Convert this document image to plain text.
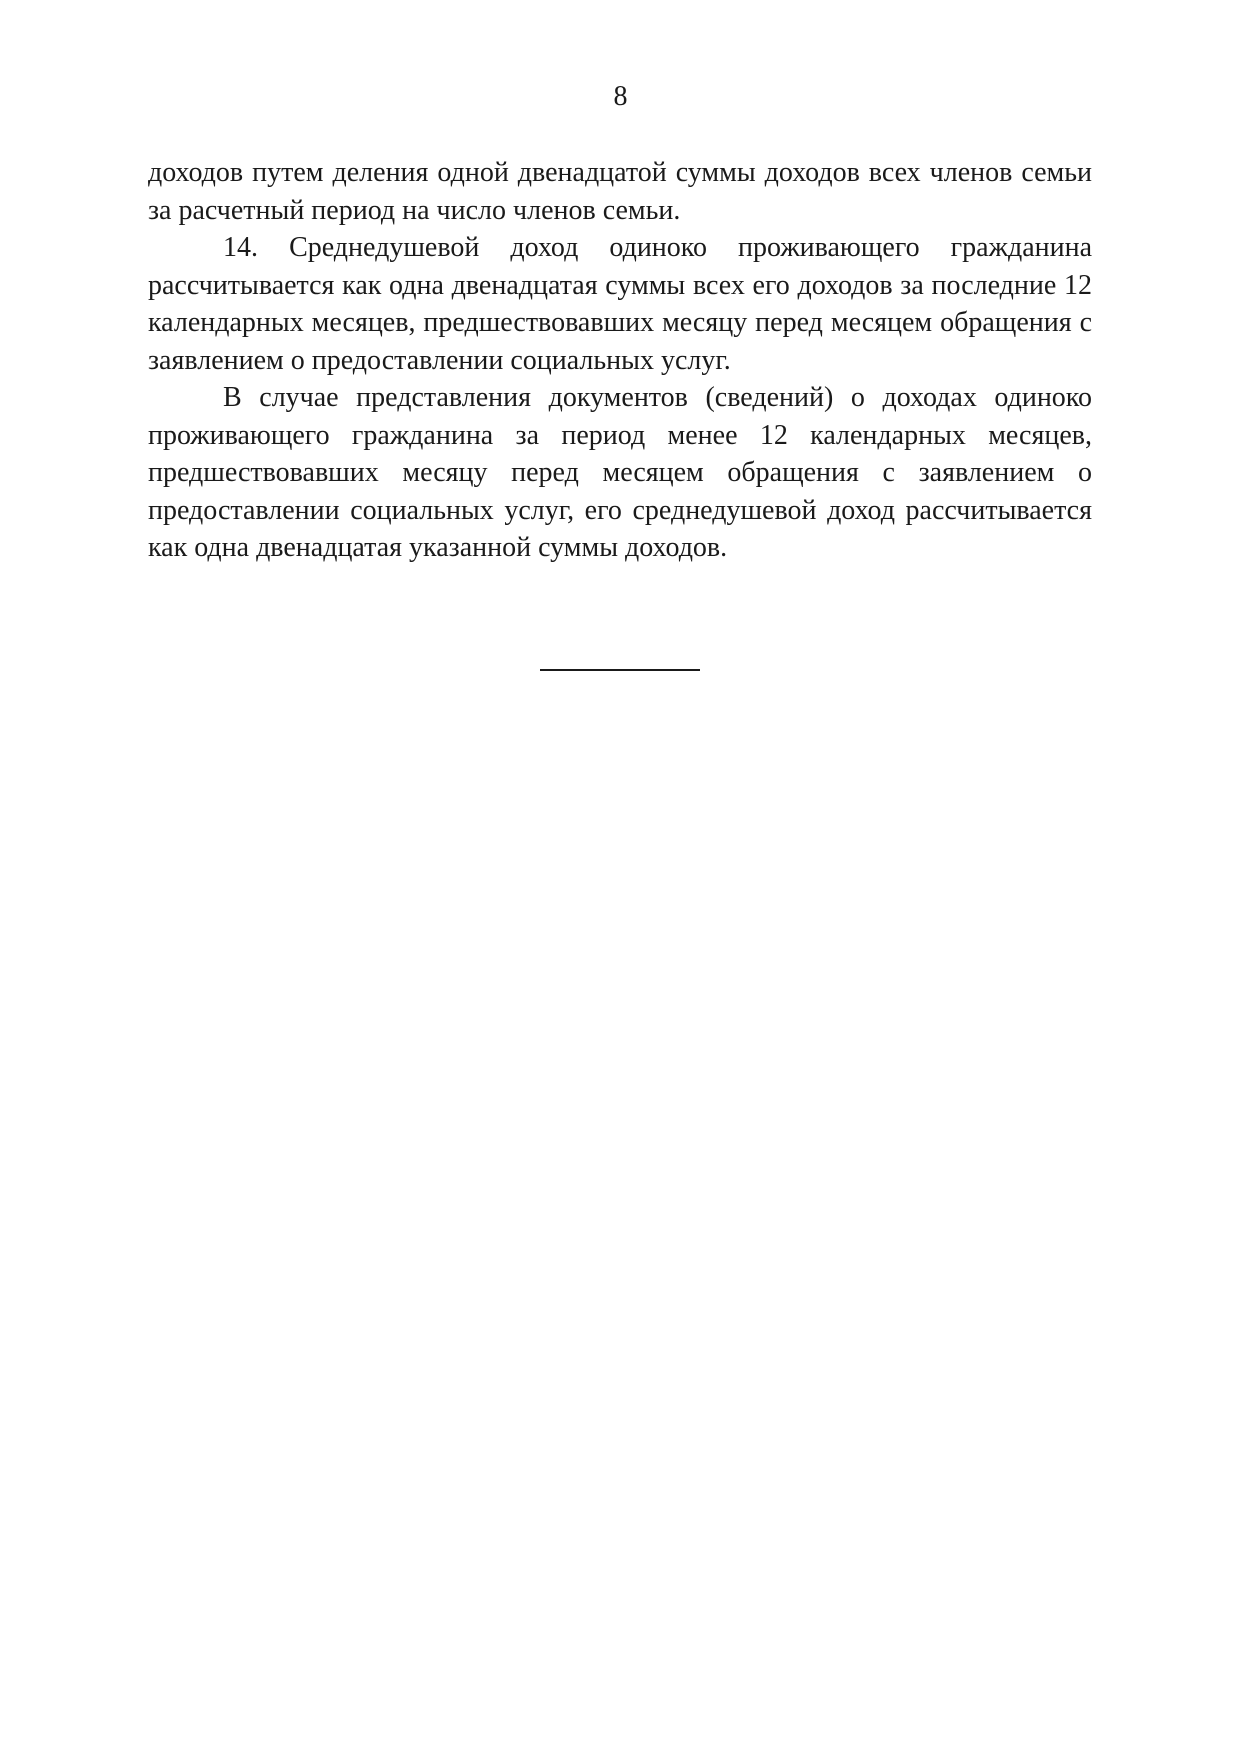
8

доходов путем деления одной двенадцатой суммы доходов всех членов семьи за расчетный период на число членов семьи.

14. Среднедушевой доход одиноко проживающего гражданина рассчитывается как одна двенадцатая суммы всех его доходов за последние 12 календарных месяцев, предшествовавших месяцу перед месяцем обращения с заявлением о предоставлении социальных услуг.

В случае представления документов (сведений) о доходах одиноко проживающего гражданина за период менее 12 календарных месяцев, предшествовавших месяцу перед месяцем обращения с заявлением о предоставлении социальных услуг, его среднедушевой доход рассчитывается как одна двенадцатая указанной суммы доходов.
